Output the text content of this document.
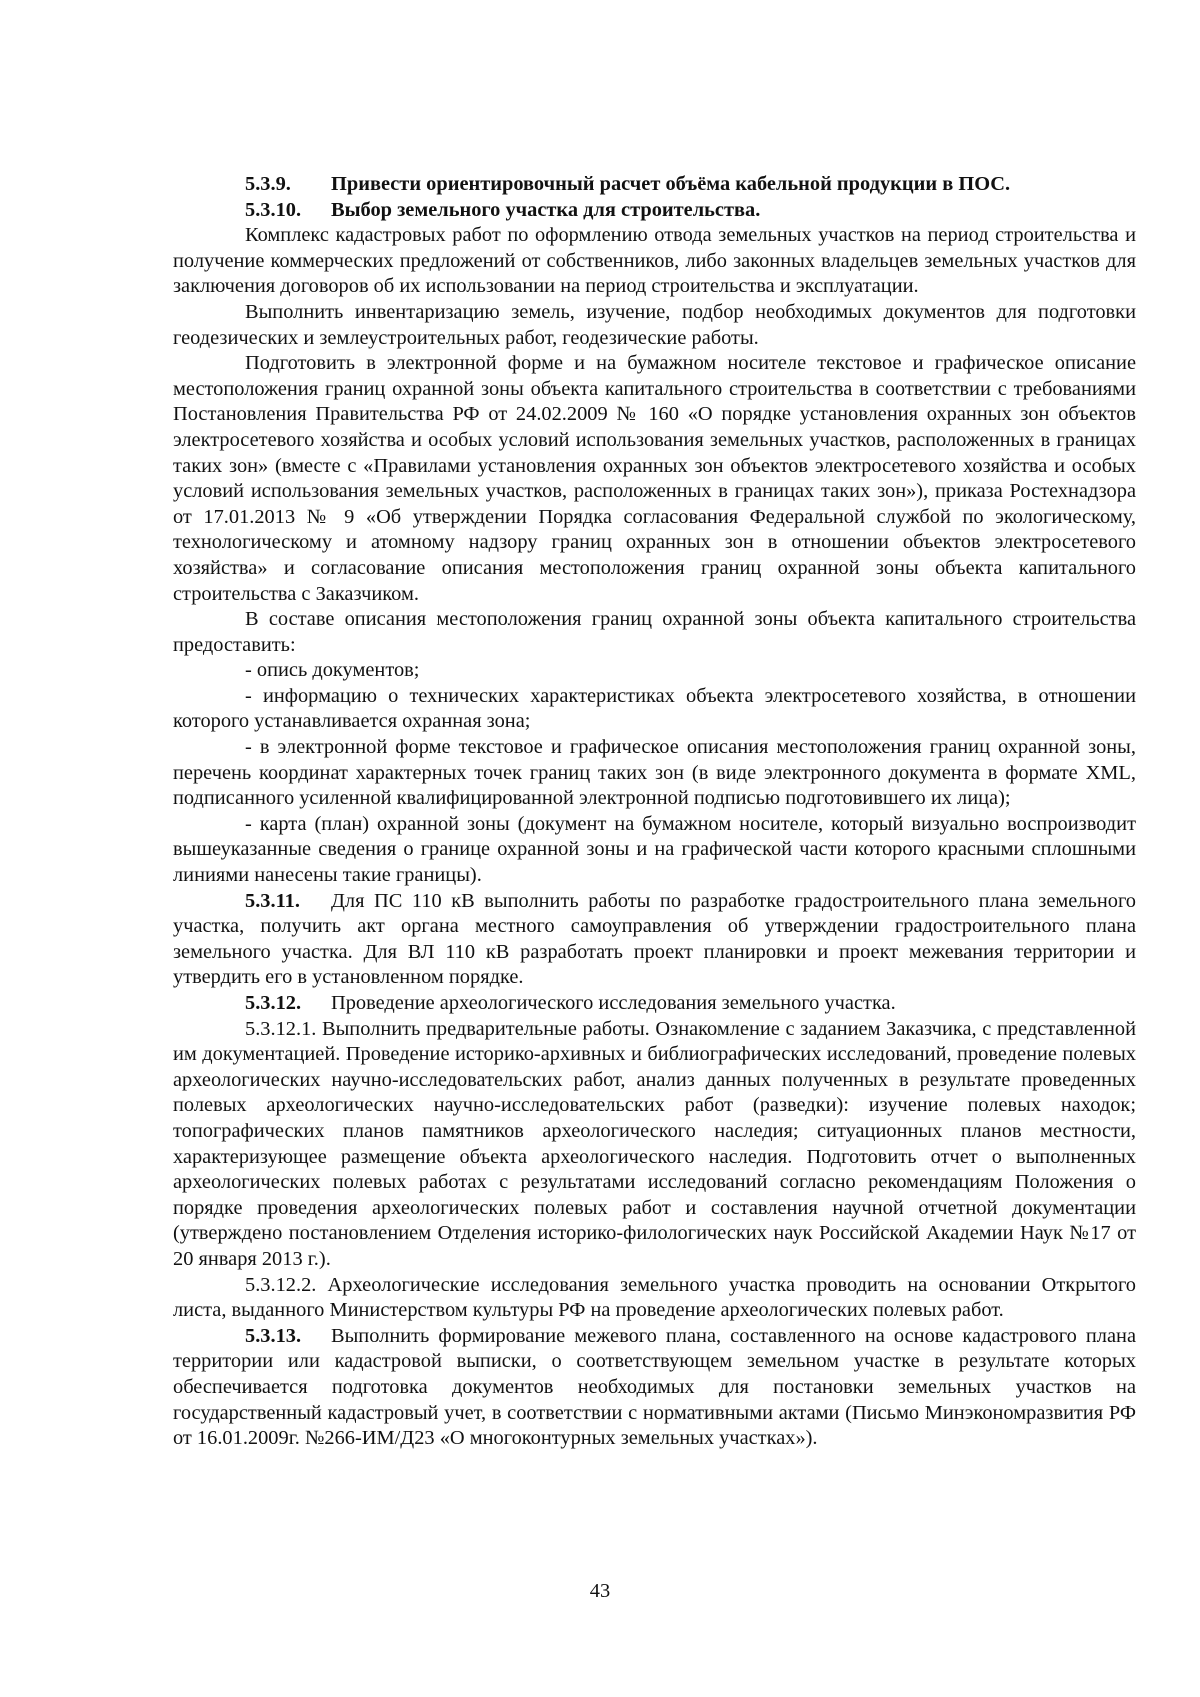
5.3.9. Привести ориентировочный расчет объёма кабельной продукции в ПОС.

5.3.10. Выбор земельного участка для строительства.

Комплекс кадастровых работ по оформлению отвода земельных участков на период строительства и получение коммерческих предложений от собственников, либо законных владельцев земельных участков для заключения договоров об их использовании на период строительства и эксплуатации.

Выполнить инвентаризацию земель, изучение, подбор необходимых документов для подготовки геодезических и землеустроительных работ, геодезические работы.

Подготовить в электронной форме и на бумажном носителе текстовое и графическое описание местоположения границ охранной зоны объекта капитального строительства в соответствии с требованиями Постановления Правительства РФ от 24.02.2009 № 160 «О порядке установления охранных зон объектов электросетевого хозяйства и особых условий использования земельных участков, расположенных в границах таких зон» (вместе с «Правилами установления охранных зон объектов электросетевого хозяйства и особых условий использования земельных участков, расположенных в границах таких зон»), приказа Ростехнадзора от 17.01.2013 № 9 «Об утверждении Порядка согласования Федеральной службой по экологическому, технологическому и атомному надзору границ охранных зон в отношении объектов электросетевого хозяйства» и согласование описания местоположения границ охранной зоны объекта капитального строительства с Заказчиком.

В составе описания местоположения границ охранной зоны объекта капитального строительства предоставить:

- опись документов;

- информацию о технических характеристиках объекта электросетевого хозяйства, в отношении которого устанавливается охранная зона;

- в электронной форме текстовое и графическое описания местоположения границ охранной зоны, перечень координат характерных точек границ таких зон (в виде электронного документа в формате XML, подписанного усиленной квалифицированной электронной подписью подготовившего их лица);

- карта (план) охранной зоны (документ на бумажном носителе, который визуально воспроизводит вышеуказанные сведения о границе охранной зоны и на графической части которого красными сплошными линиями нанесены такие границы).

5.3.11. Для ПС 110 кВ выполнить работы по разработке градостроительного плана земельного участка, получить акт органа местного самоуправления об утверждении градостроительного плана земельного участка. Для ВЛ 110 кВ разработать проект планировки и проект межевания территории и утвердить его в установленном порядке.

5.3.12. Проведение археологического исследования земельного участка.

5.3.12.1. Выполнить предварительные работы. Ознакомление с заданием Заказчика, с представленной им документацией. Проведение историко-архивных и библиографических исследований, проведение полевых археологических научно-исследовательских работ, анализ данных полученных в результате проведенных полевых археологических научно-исследовательских работ (разведки): изучение полевых находок; топографических планов памятников археологического наследия; ситуационных планов местности, характеризующее размещение объекта археологического наследия. Подготовить отчет о выполненных археологических полевых работах с результатами исследований согласно рекомендациям Положения о порядке проведения археологических полевых работ и составления научной отчетной документации (утверждено постановлением Отделения историко-филологических наук Российской Академии Наук №17 от 20 января 2013 г.).

5.3.12.2. Археологические исследования земельного участка проводить на основании Открытого листа, выданного Министерством культуры РФ на проведение археологических полевых работ.

5.3.13. Выполнить формирование межевого плана, составленного на основе кадастрового плана территории или кадастровой выписки, о соответствующем земельном участке в результате которых обеспечивается подготовка документов необходимых для постановки земельных участков на государственный кадастровый учет, в соответствии с нормативными актами (Письмо Минэкономразвития РФ от 16.01.2009г. №266-ИМ/Д23 «О многоконтурных земельных участках»).

43
